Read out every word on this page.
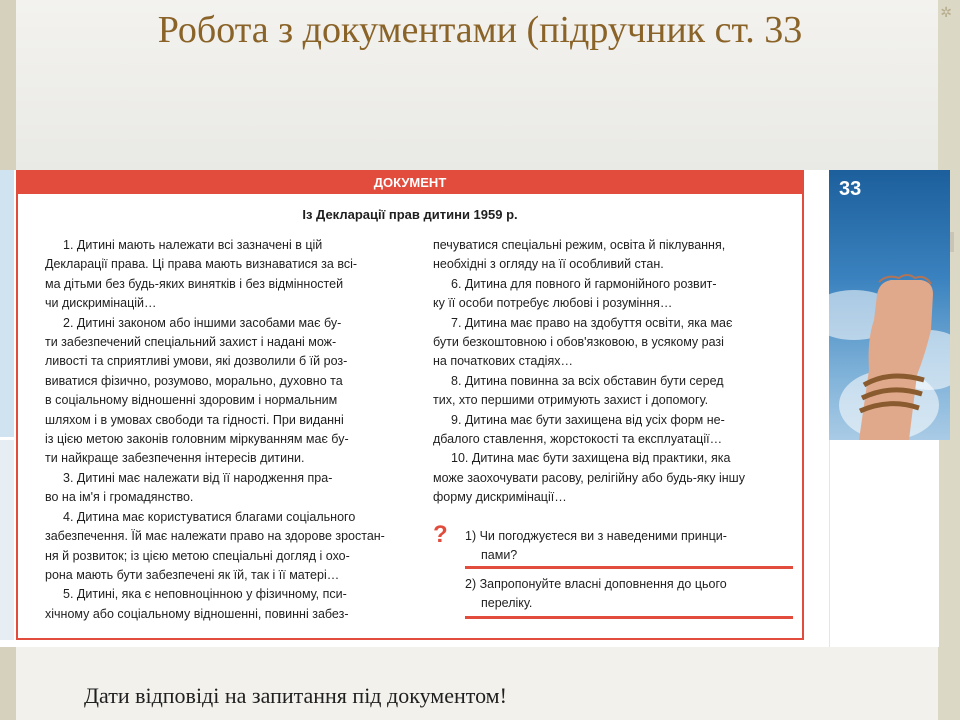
✲
Робота з документами (підручник ст. 33
ДОКУМЕНТ
Із Декларації прав дитини 1959 р.
1. Дитині мають належати всі зазначені в цій
Декларації права. Ці права мають визнаватися за всі-
ма дітьми без будь-яких винятків і без відмінностей
чи дискримінацій…
2. Дитині законом або іншими засобами має бу-
ти забезпечений спеціальний захист і надані мож-
ливості та сприятливі умови, які дозволили б їй роз-
виватися фізично, розумово, морально, духовно та
в соціальному відношенні здоровим і нормальним
шляхом і в умовах свободи та гідності. При виданні
із цією метою законів головним міркуванням має бу-
ти найкраще забезпечення інтересів дитини.
3. Дитині має належати від її народження пра-
во на ім'я і громадянство.
4. Дитина має користуватися благами соціального
забезпечення. Їй має належати право на здорове зростан-
ня й розвиток; із цією метою спеціальні догляд і охо-
рона мають бути забезпечені як їй, так і її матері…
5. Дитині, яка є неповноцінною у фізичному, пси-
хічному або соціальному відношенні, повинні забез-
печуватися спеціальні режим, освіта й піклування,
необхідні з огляду на її особливий стан.
6. Дитина для повного й гармонійного розвит-
ку її особи потребує любові і розуміння…
7. Дитина має право на здобуття освіти, яка має
бути безкоштовною і обов'язковою, в усякому разі
на початкових стадіях…
8. Дитина повинна за всіх обставин бути серед
тих, хто першими отримують захист і допомогу.
9. Дитина має бути захищена від усіх форм не-
дбалого ставлення, жорстокості та експлуатації…
10. Дитина має бути захищена від практики, яка
може заохочувати расову, релігійну або будь-яку іншу
форму дискримінації…
? 1) Чи погоджуєтеся ви з наведеними принци-
пами?
2) Запропонуйте власні доповнення до цього
переліку.
33
Дати відповіді на запитання під документом!
